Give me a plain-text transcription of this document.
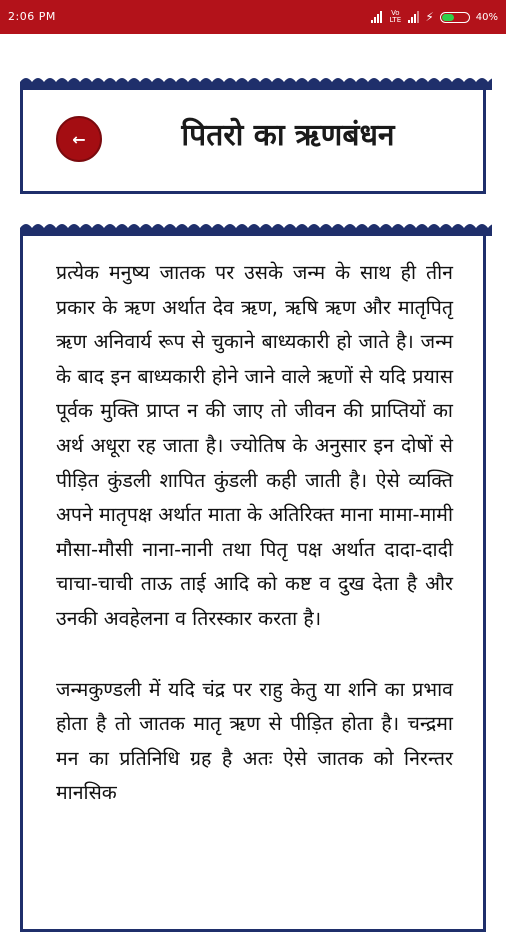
2:06 PM	Vo LTE ⚡	40%
←	पितरो का ऋणबंधन

प्रत्येक मनुष्य जातक पर उसके जन्म के साथ ही तीन प्रकार के ऋण अर्थात देव ऋण, ऋषि ऋण और मातृपितृ ऋण अनिवार्य रूप से चुकाने बाध्यकारी हो जाते है। जन्म के बाद इन बाध्यकारी होने जाने वाले ऋणों से यदि प्रयास पूर्वक मुक्ति प्राप्त न की जाए तो जीवन की प्राप्तियों का अर्थ अधूरा रह जाता है। ज्योतिष के अनुसार इन दोषों से पीड़ित कुंडली शापित कुंडली कही जाती है। ऐसे व्यक्ति अपने मातृपक्ष अर्थात माता के अतिरिक्त माना मामा-मामी मौसा-मौसी नाना-नानी तथा पितृ पक्ष अर्थात दादा-दादी चाचा-चाची ताऊ ताई आदि को कष्ट व दुख देता है और उनकी अवहेलना व तिरस्कार करता है।

जन्मकुण्डली में यदि चंद्र पर राहु केतु या शनि का प्रभाव होता है तो जातक मातृ ऋण से पीड़ित होता है। चन्द्रमा मन का प्रतिनिधि ग्रह है अतः ऐसे जातक को निरन्तर मानसिक
